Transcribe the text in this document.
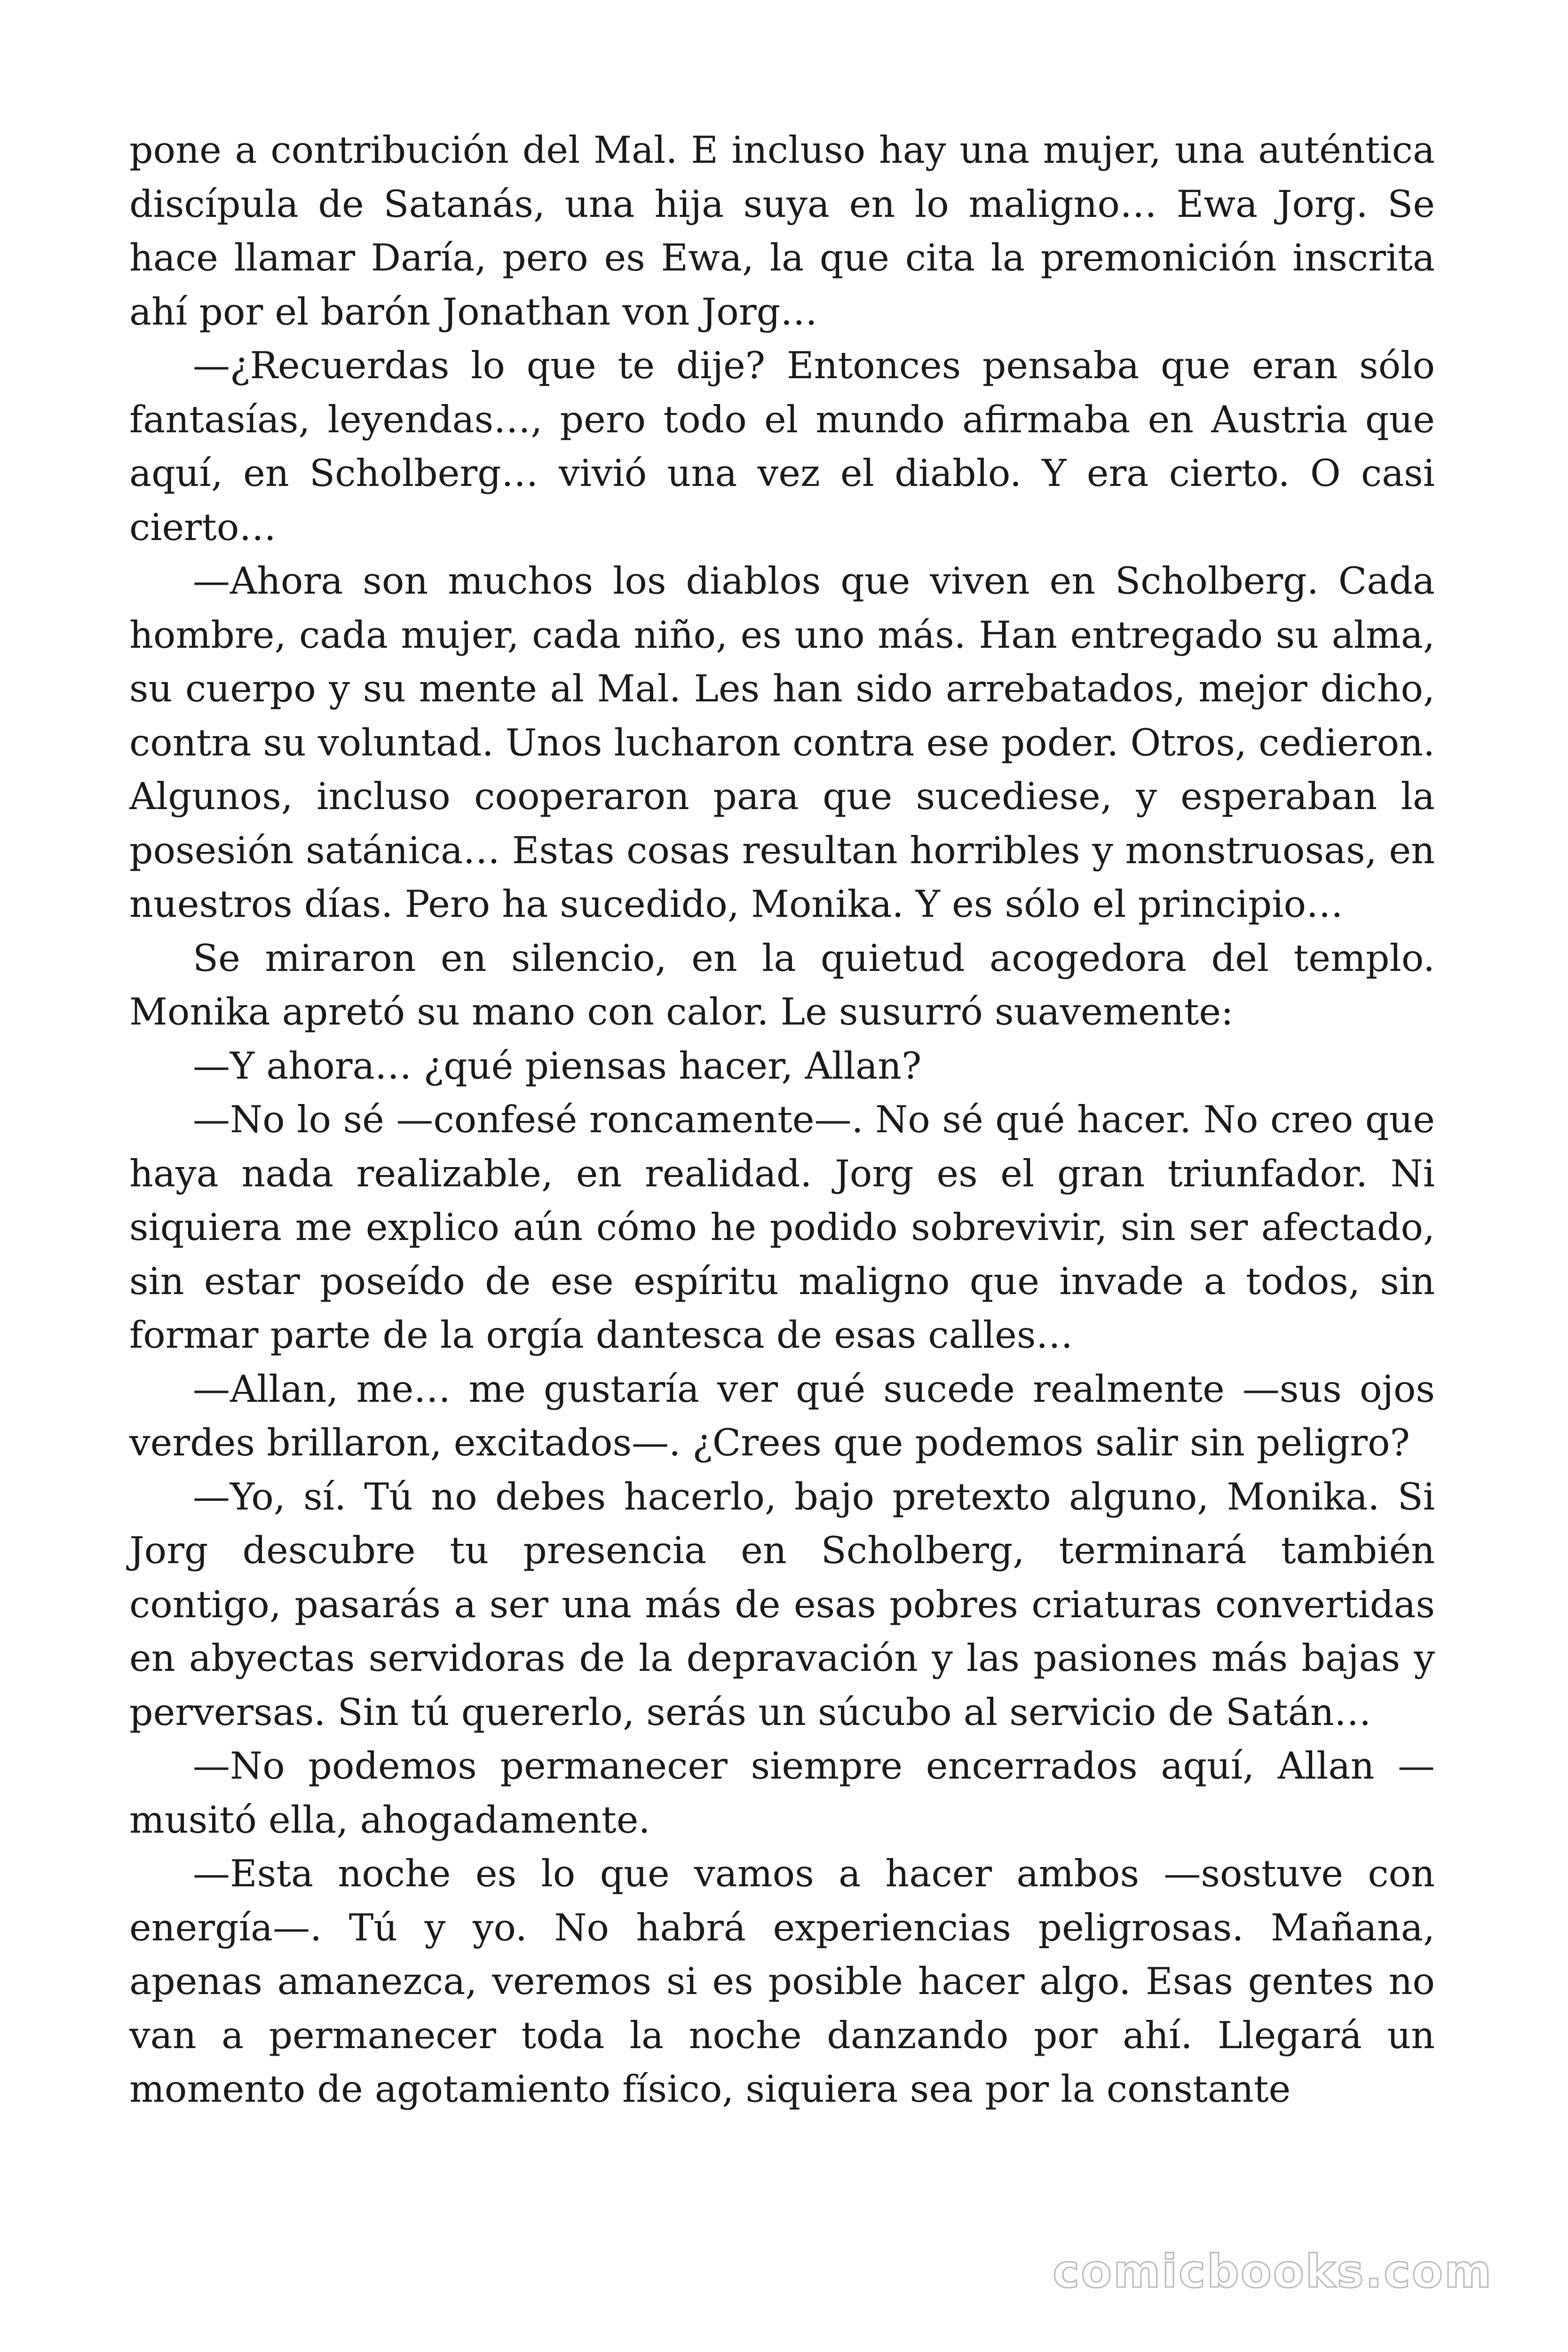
pone a contribución del Mal. E incluso hay una mujer, una auténtica discípula de Satanás, una hija suya en lo maligno… Ewa Jorg. Se hace llamar Daría, pero es Ewa, la que cita la premonición inscrita ahí por el barón Jonathan von Jorg…

—¿Recuerdas lo que te dije? Entonces pensaba que eran sólo fantasías, leyendas…, pero todo el mundo afirmaba en Austria que aquí, en Scholberg… vivió una vez el diablo. Y era cierto. O casi cierto…

—Ahora son muchos los diablos que viven en Scholberg. Cada hombre, cada mujer, cada niño, es uno más. Han entregado su alma, su cuerpo y su mente al Mal. Les han sido arrebatados, mejor dicho, contra su voluntad. Unos lucharon contra ese poder. Otros, cedieron. Algunos, incluso cooperaron para que sucediese, y esperaban la posesión satánica… Estas cosas resultan horribles y monstruosas, en nuestros días. Pero ha sucedido, Monika. Y es sólo el principio…

Se miraron en silencio, en la quietud acogedora del templo. Monika apretó su mano con calor. Le susurró suavemente:

—Y ahora… ¿qué piensas hacer, Allan?

—No lo sé —confesé roncamente—. No sé qué hacer. No creo que haya nada realizable, en realidad. Jorg es el gran triunfador. Ni siquiera me explico aún cómo he podido sobrevivir, sin ser afectado, sin estar poseído de ese espíritu maligno que invade a todos, sin formar parte de la orgía dantesca de esas calles…

—Allan, me… me gustaría ver qué sucede realmente —sus ojos verdes brillaron, excitados—. ¿Crees que podemos salir sin peligro?

—Yo, sí. Tú no debes hacerlo, bajo pretexto alguno, Monika. Si Jorg descubre tu presencia en Scholberg, terminará también contigo, pasarás a ser una más de esas pobres criaturas convertidas en abyectas servidoras de la depravación y las pasiones más bajas y perversas. Sin tú quererlo, serás un súcubo al servicio de Satán…

—No podemos permanecer siempre encerrados aquí, Allan —musitó ella, ahogadamente.

—Esta noche es lo que vamos a hacer ambos —sostuve con energía—. Tú y yo. No habrá experiencias peligrosas. Mañana, apenas amanezca, veremos si es posible hacer algo. Esas gentes no van a permanecer toda la noche danzando por ahí. Llegará un momento de agotamiento físico, siquiera sea por la constante

comicbooks.com
